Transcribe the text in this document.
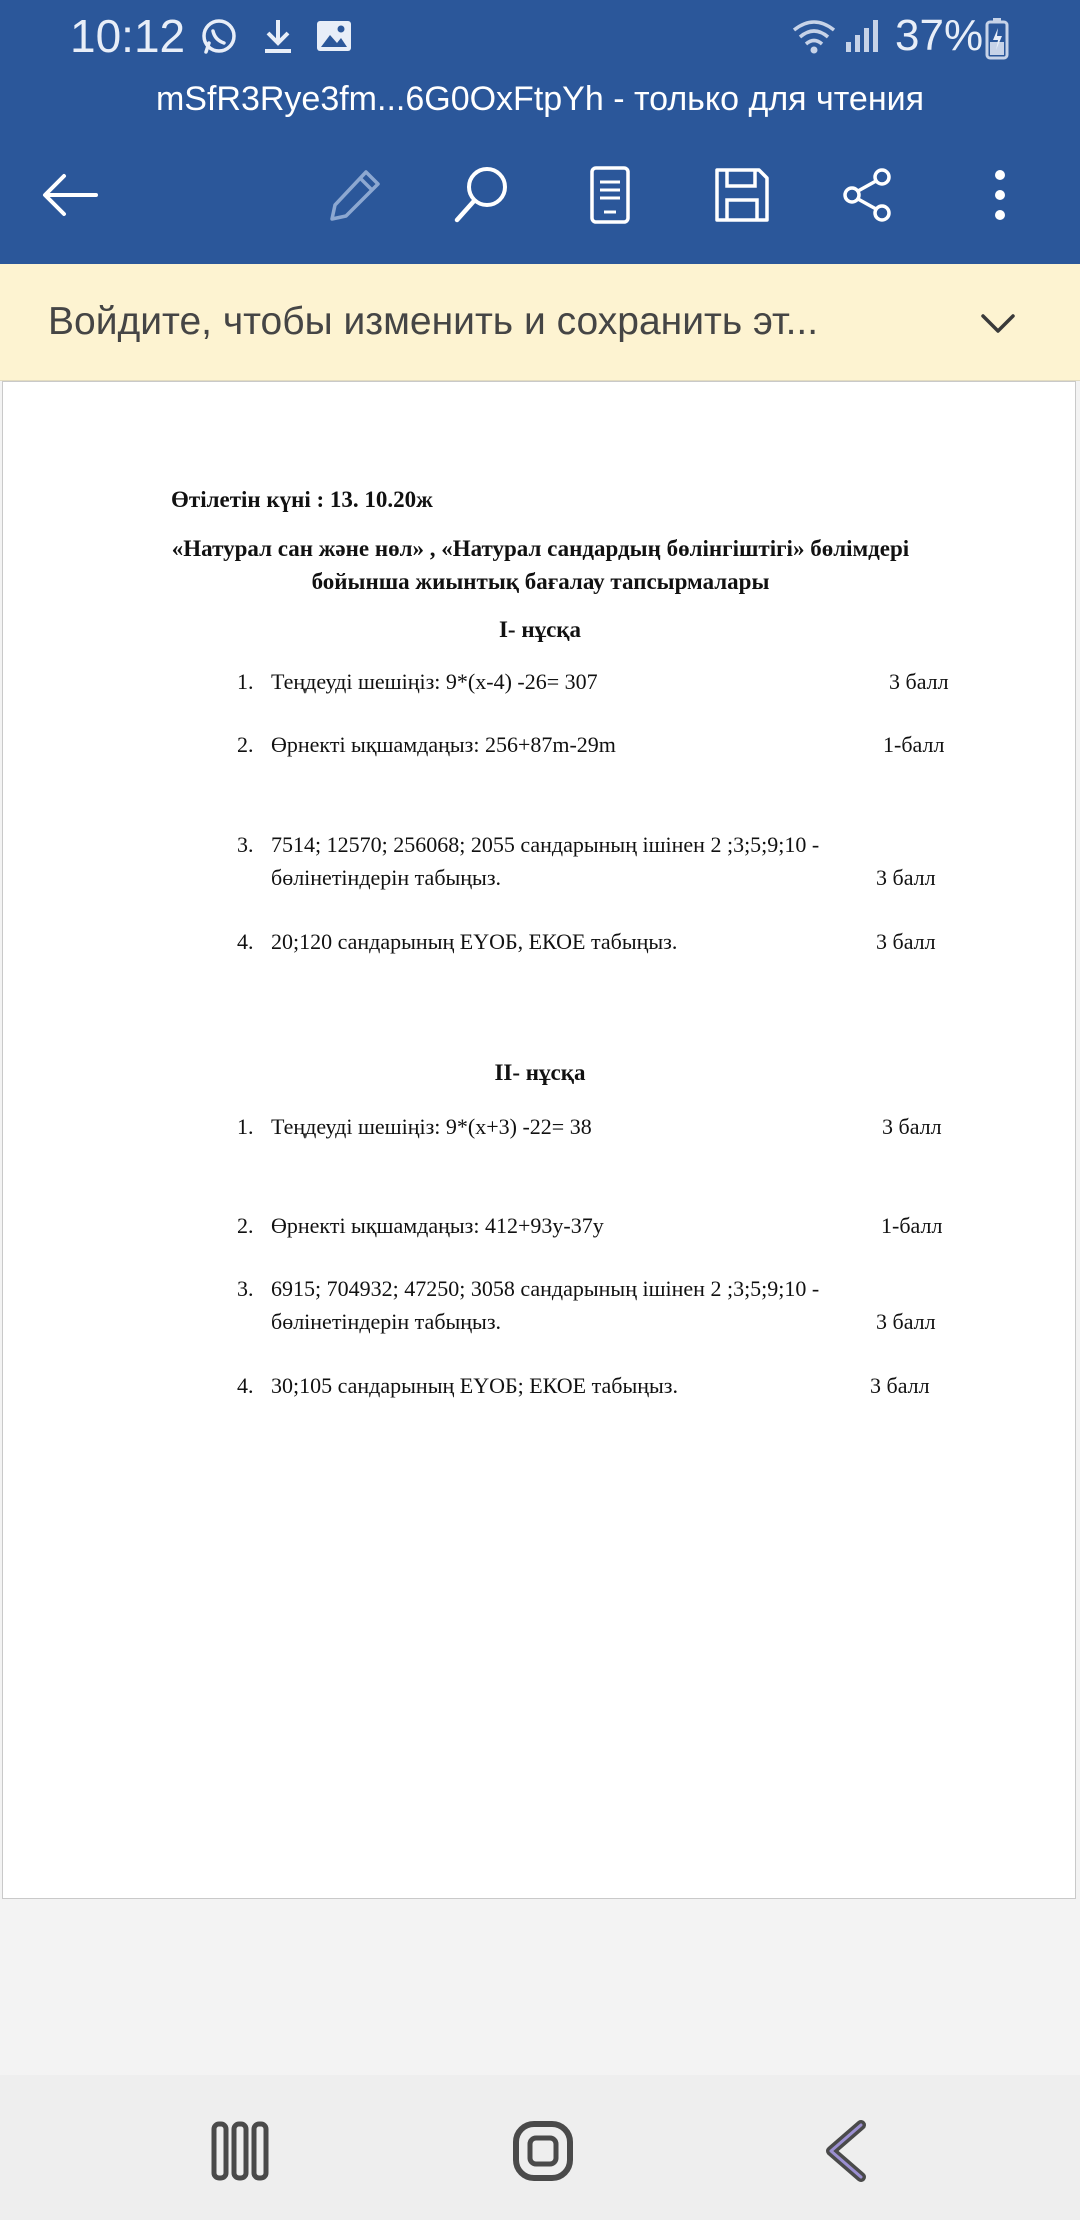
10:12	37%
mSfR3Rye3fm...6G0OxFtpYh - только для чтения
Войдите, чтобы изменить и сохранить эт...
Өтілетін күні : 13. 10.20ж
«Натурал сан және нөл» , «Натурал сандардың бөлінгіштігі» бөлімдері
бойынша жиынтық бағалау тапсырмалары
І- нұсқа
1. Теңдеуді шешіңіз: 9*(х-4) -26= 307	3 балл
2. Өрнекті ықшамдаңыз: 256+87m-29m	1-балл
3. 7514; 12570; 256068; 2055 сандарының ішінен 2 ;3;5;9;10 -
бөлінетіндерін табыңыз.	3 балл
4. 20;120 сандарының ЕҮОБ, ЕКОЕ табыңыз.	3 балл
ІІ- нұсқа
1. Теңдеуді шешіңіз: 9*(х+3) -22= 38	3 балл
2. Өрнекті ықшамдаңыз: 412+93у-37у	1-балл
3. 6915; 704932; 47250; 3058 сандарының ішінен 2 ;3;5;9;10 -
бөлінетіндерін табыңыз.	3 балл
4. 30;105 сандарының ЕҮОБ; ЕКОЕ табыңыз.	3 балл
